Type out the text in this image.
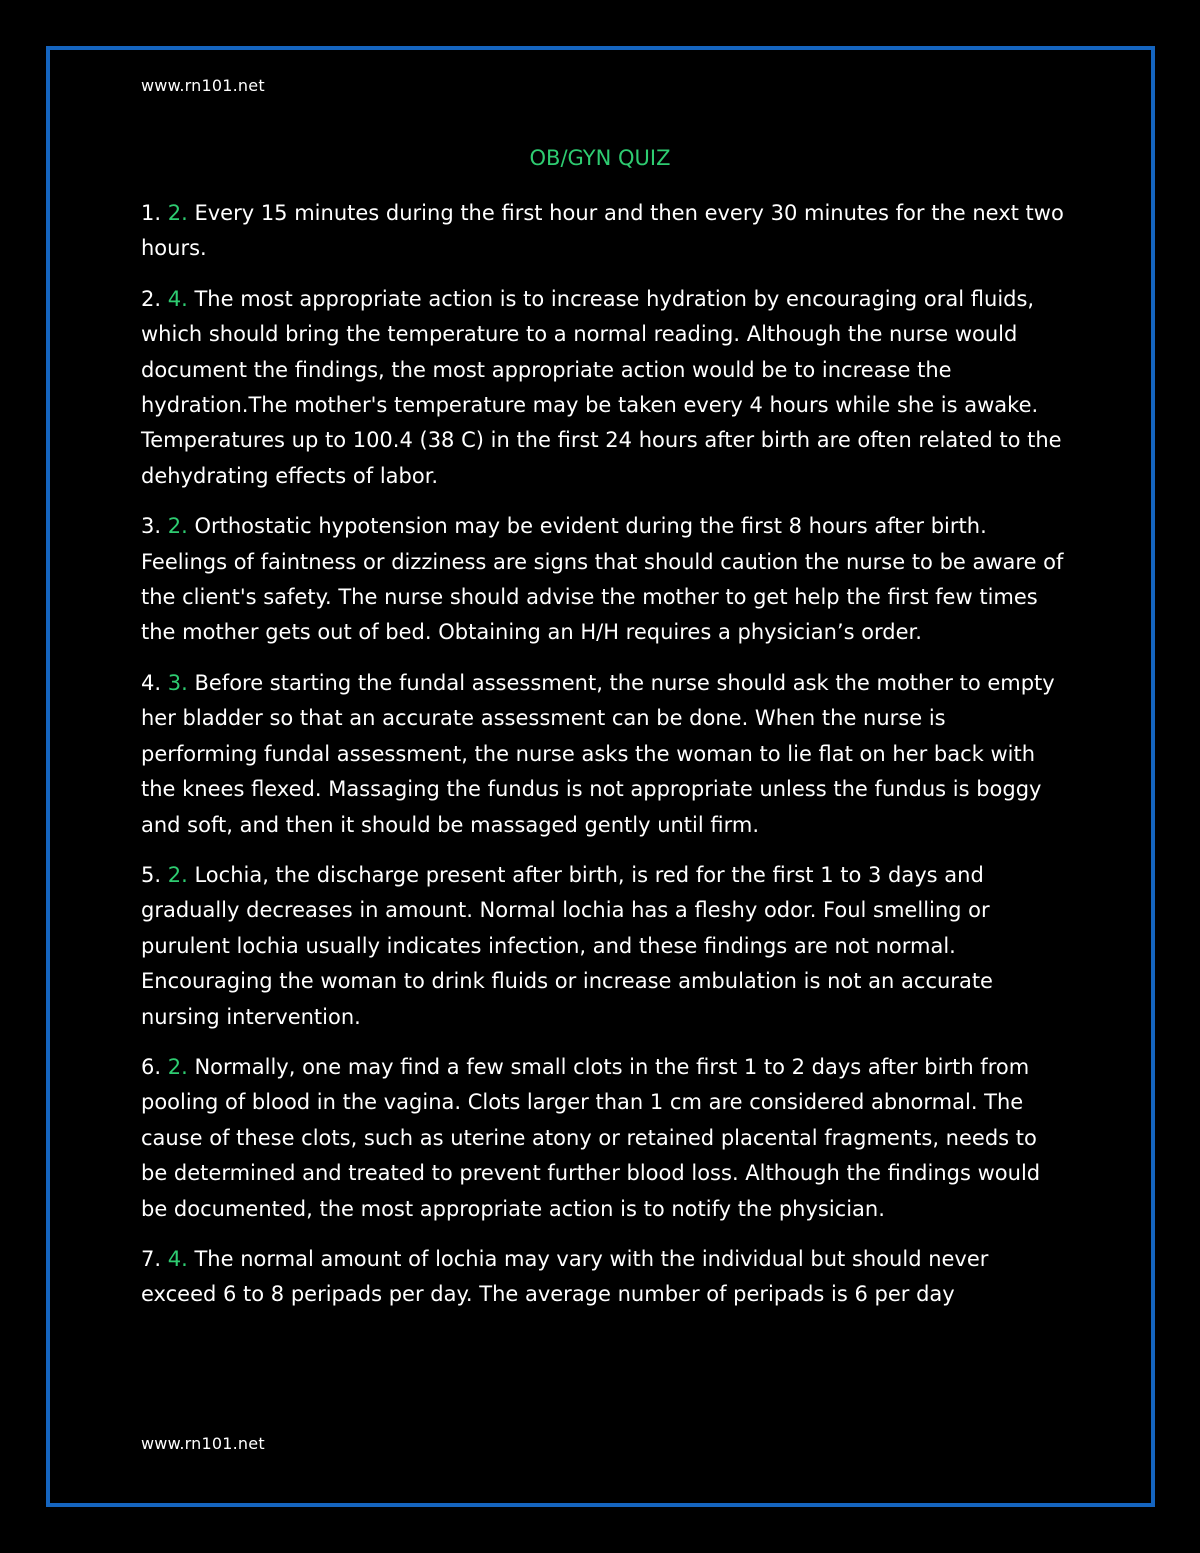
www.rn101.net
OB/GYN QUIZ

1. 2. Every 15 minutes during the first hour and then every 30 minutes for the next two hours.

2. 4. The most appropriate action is to increase hydration by encouraging oral fluids, which should bring the temperature to a normal reading. Although the nurse would document the findings, the most appropriate action would be to increase the hydration.The mother's temperature may be taken every 4 hours while she is awake. Temperatures up to 100.4 (38 C) in the first 24 hours after birth are often related to the dehydrating effects of labor.

3. 2. Orthostatic hypotension may be evident during the first 8 hours after birth. Feelings of faintness or dizziness are signs that should caution the nurse to be aware of the client's safety. The nurse should advise the mother to get help the first few times the mother gets out of bed. Obtaining an H/H requires a physician’s order.

4. 3. Before starting the fundal assessment, the nurse should ask the mother to empty her bladder so that an accurate assessment can be done. When the nurse is performing fundal assessment, the nurse asks the woman to lie flat on her back with the knees flexed. Massaging the fundus is not appropriate unless the fundus is boggy and soft, and then it should be massaged gently until firm.

5. 2. Lochia, the discharge present after birth, is red for the first 1 to 3 days and gradually decreases in amount. Normal lochia has a fleshy odor. Foul smelling or purulent lochia usually indicates infection, and these findings are not normal. Encouraging the woman to drink fluids or increase ambulation is not an accurate nursing intervention.

6. 2. Normally, one may find a few small clots in the first 1 to 2 days after birth from pooling of blood in the vagina. Clots larger than 1 cm are considered abnormal. The cause of these clots, such as uterine atony or retained placental fragments, needs to be determined and treated to prevent further blood loss. Although the findings would be documented, the most appropriate action is to notify the physician.

7. 4. The normal amount of lochia may vary with the individual but should never exceed 6 to 8 peripads per day. The average number of peripads is 6 per day

www.rn101.net
